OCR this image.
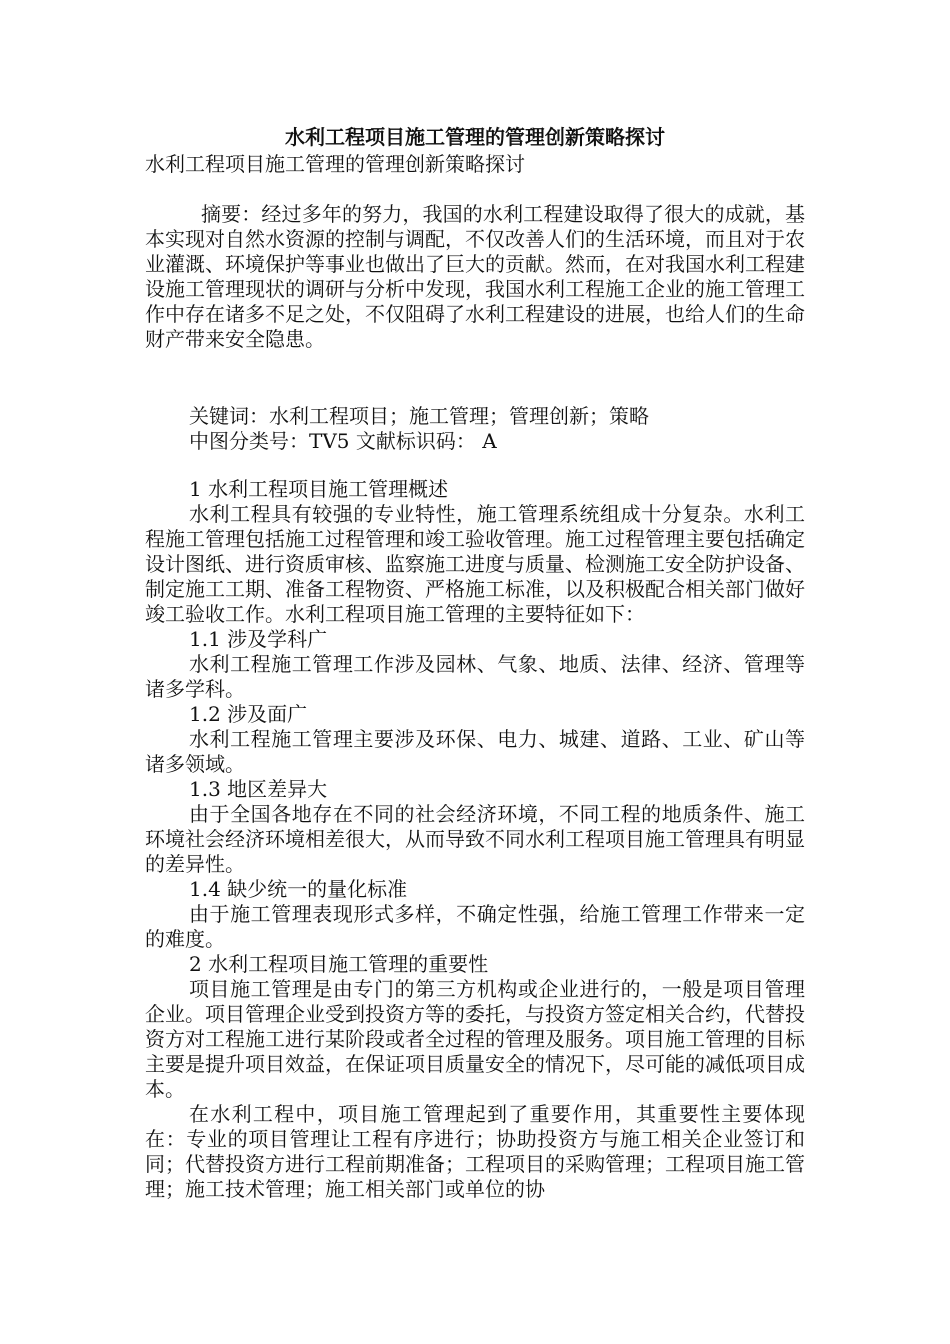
水利工程项目施工管理的管理创新策略探讨
水利工程项目施工管理的管理创新策略探讨

摘要：经过多年的努力，我国的水利工程建设取得了很大的成就，基本实现对自然水资源的控制与调配，不仅改善人们的生活环境，而且对于农业灌溉、环境保护等事业也做出了巨大的贡献。然而，在对我国水利工程建设施工管理现状的调研与分析中发现，我国水利工程施工企业的施工管理工作中存在诸多不足之处，不仅阻碍了水利工程建设的进展，也给人们的生命财产带来安全隐患。

关键词：水利工程项目；施工管理；管理创新；策略
中图分类号：TV5 文献标识码： A
1 水利工程项目施工管理概述

水利工程具有较强的专业特性，施工管理系统组成十分复杂。水利工程施工管理包括施工过程管理和竣工验收管理。施工过程管理主要包括确定设计图纸、进行资质审核、监察施工进度与质量、检测施工安全防护设备、制定施工工期、准备工程物资、严格施工标准，以及积极配合相关部门做好竣工验收工作。水利工程项目施工管理的主要特征如下：

1.1 涉及学科广

水利工程施工管理工作涉及园林、气象、地质、法律、经济、管理等诸多学科。

1.2 涉及面广

水利工程施工管理主要涉及环保、电力、城建、道路、工业、矿山等诸多领域。

1.3 地区差异大

由于全国各地存在不同的社会经济环境，不同工程的地质条件、施工环境社会经济环境相差很大，从而导致不同水利工程项目施工管理具有明显的差异性。

1.4 缺少统一的量化标准

由于施工管理表现形式多样，不确定性强，给施工管理工作带来一定的难度。

2 水利工程项目施工管理的重要性

项目施工管理是由专门的第三方机构或企业进行的，一般是项目管理企业。项目管理企业受到投资方等的委托，与投资方签定相关合约，代替投资方对工程施工进行某阶段或者全过程的管理及服务。项目施工管理的目标主要是提升项目效益，在保证项目质量安全的情况下，尽可能的减低项目成本。

在水利工程中，项目施工管理起到了重要作用，其重要性主要体现在：专业的项目管理让工程有序进行；协助投资方与施工相关企业签订和同；代替投资方进行工程前期准备；工程项目的采购管理；工程项目施工管理；施工技术管理；施工相关部门或单位的协
